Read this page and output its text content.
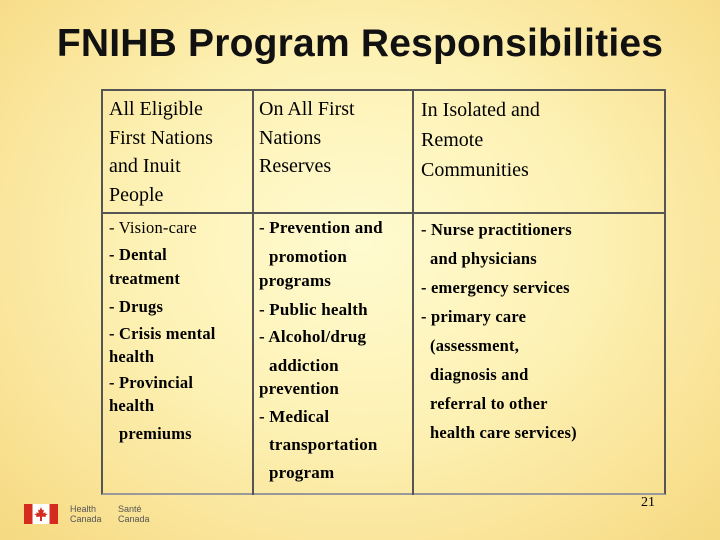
FNIHB Program Responsibilities
All Eligible
First Nations
and Inuit
People
On All First
Nations
Reserves
In Isolated and
Remote
Communities
- Vision-care
- Dental
treatment
- Drugs
- Crisis mental
health
- Provincial
health
premiums
- Prevention and
promotion
programs
- Public health
- Alcohol/drug
addiction
prevention
- Medical
transportation
program
- Nurse practitioners
and physicians
- emergency services
- primary care
(assessment,
diagnosis and
referral to other
health care services)
21
Health
Canada
Santé
Canada
